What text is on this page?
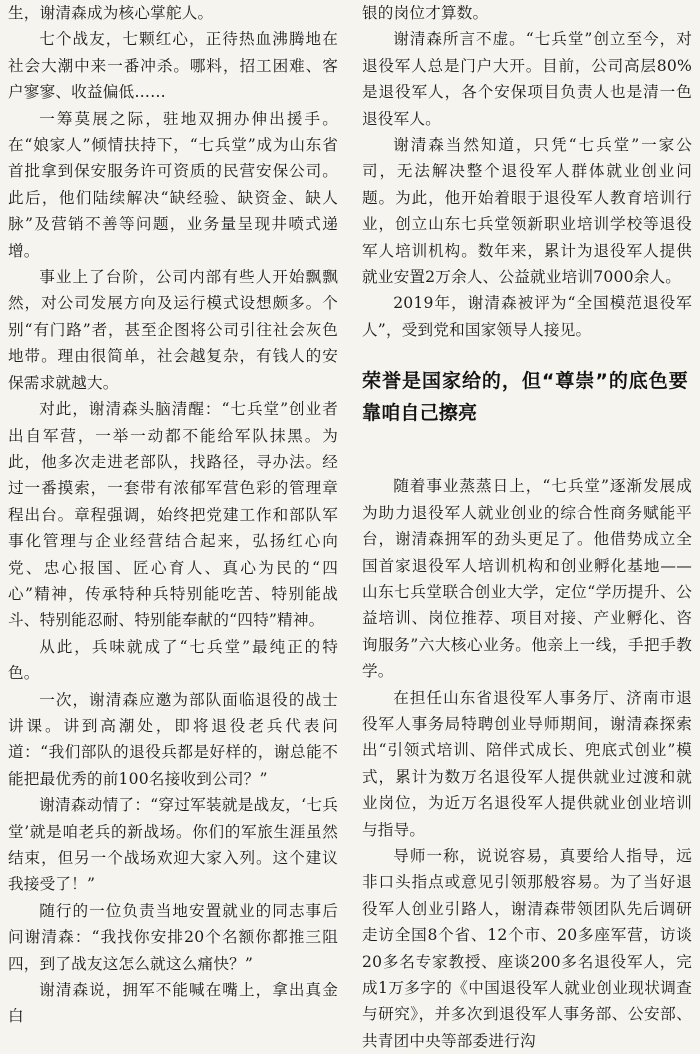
生，谢清森成为核心掌舵人。

七个战友，七颗红心，正待热血沸腾地在社会大潮中来一番冲杀。哪料，招工困难、客户寥寥、收益偏低……

一筹莫展之际，驻地双拥办伸出援手。在“娘家人”倾情扶持下，“七兵堂”成为山东省首批拿到保安服务许可资质的民营安保公司。此后，他们陆续解决“缺经验、缺资金、缺人脉”及营销不善等问题，业务量呈现井喷式递增。

事业上了台阶，公司内部有些人开始飘飘然，对公司发展方向及运行模式设想颇多。个别“有门路”者，甚至企图将公司引往社会灰色地带。理由很简单，社会越复杂，有钱人的安保需求就越大。

对此，谢清森头脑清醒：“七兵堂”创业者出自军营，一举一动都不能给军队抹黑。为此，他多次走进老部队，找路径，寻办法。经过一番摸索，一套带有浓郁军营色彩的管理章程出台。章程强调，始终把党建工作和部队军事化管理与企业经营结合起来，弘扬红心向党、忠心报国、匠心育人、真心为民的“四心”精神，传承特种兵特别能吃苦、特别能战斗、特别能忍耐、特别能奉献的“四特”精神。

从此，兵味就成了“七兵堂”最纯正的特色。

一次，谢清森应邀为部队面临退役的战士讲课。讲到高潮处，即将退役老兵代表问道：“我们部队的退役兵都是好样的，谢总能不能把最优秀的前100名接收到公司？”

谢清森动情了：“穿过军装就是战友，‘七兵堂’就是咱老兵的新战场。你们的军旅生涯虽然结束，但另一个战场欢迎大家入列。这个建议我接受了！”

随行的一位负责当地安置就业的同志事后问谢清森：“我找你安排20个名额你都推三阻四，到了战友这怎么就这么痛快？”

谢清森说，拥军不能喊在嘴上，拿出真金白

银的岗位才算数。

谢清森所言不虚。“七兵堂”创立至今，对退役军人总是门户大开。目前，公司高层80%是退役军人，各个安保项目负责人也是清一色退役军人。

谢清森当然知道，只凭“七兵堂”一家公司，无法解决整个退役军人群体就业创业问题。为此，他开始着眼于退役军人教育培训行业，创立山东七兵堂领新职业培训学校等退役军人培训机构。数年来，累计为退役军人提供就业安置2万余人、公益就业培训7000余人。

2019年，谢清森被评为“全国模范退役军人”，受到党和国家领导人接见。

荣誉是国家给的，但“尊崇”的底色要靠咱自己擦亮

随着事业蒸蒸日上，“七兵堂”逐渐发展成为助力退役军人就业创业的综合性商务赋能平台，谢清森拥军的劲头更足了。他借势成立全国首家退役军人培训机构和创业孵化基地——山东七兵堂联合创业大学，定位“学历提升、公益培训、岗位推荐、项目对接、产业孵化、咨询服务”六大核心业务。他亲上一线，手把手教学。

在担任山东省退役军人事务厅、济南市退役军人事务局特聘创业导师期间，谢清森探索出“引领式培训、陪伴式成长、兜底式创业”模式，累计为数万名退役军人提供就业过渡和就业岗位，为近万名退役军人提供就业创业培训与指导。

导师一称，说说容易，真要给人指导，远非口头指点或意见引领那般容易。为了当好退役军人创业引路人，谢清森带领团队先后调研走访全国8个省、12个市、20多座军营，访谈20多名专家教授、座谈200多名退役军人，完成1万多字的《中国退役军人就业创业现状调查与研究》，并多次到退役军人事务部、公安部、共青团中央等部委进行沟
